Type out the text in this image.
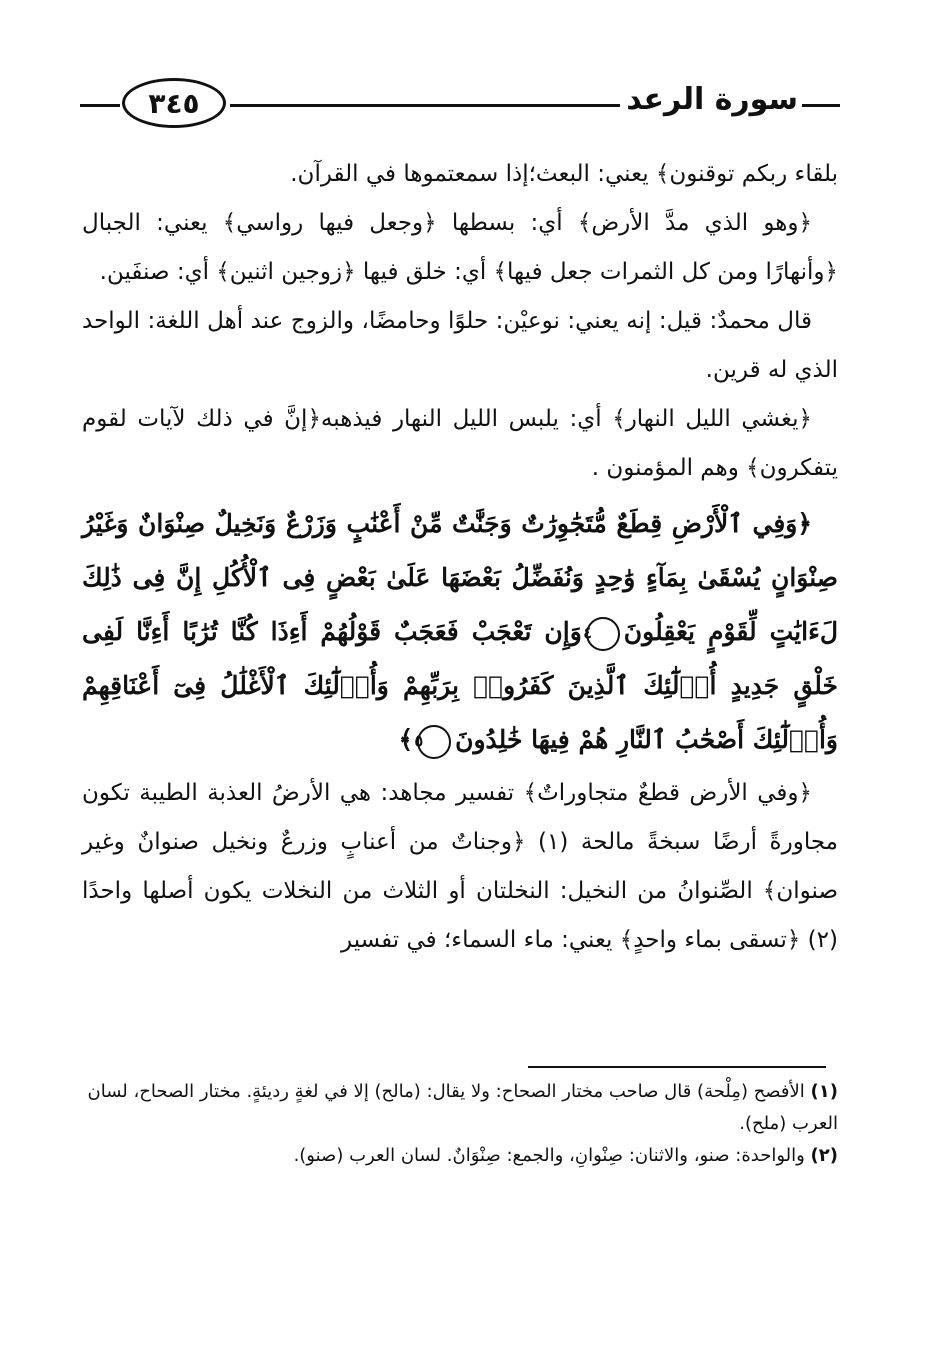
٣٤٥	سورة الرعد

بلقاء ربكم توقنون﴾ يعني: البعث؛إذا سمعتموها في القرآن.

﴿وهو الذي مدَّ الأرض﴾ أي: بسطها ﴿وجعل فيها رواسي﴾ يعني: الجبال ﴿وأنهارًا ومن كل الثمرات جعل فيها﴾ أي: خلق فيها ﴿زوجين اثنين﴾ أي: صنفَين.

قال محمدٌ: قيل: إنه يعني: نوعيْن: حلوًا وحامضًا، والزوج عند أهل اللغة: الواحد الذي له قرين.

﴿يغشي الليل النهار﴾ أي: يلبس الليل النهار فيذهبه﴿إنَّ في ذلك لآيات لقوم يتفكرون﴾ وهم المؤمنون .

﴿وَفِي ٱلْأَرْضِ قِطَعٌ مُّتَجَٰوِرَٰتٌ وَجَنَّٰتٌ مِّنْ أَعْنَٰبٍ وَزَرْعٌ وَنَخِيلٌ صِنْوَانٌ وَغَيْرُ صِنْوَانٍ يُسْقَىٰ بِمَآءٍ وَٰحِدٍ وَنُفَضِّلُ بَعْضَهَا عَلَىٰ بَعْضٍ فِى ٱلْأُكُلِ إِنَّ فِى ذَٰلِكَ لَءَايَٰتٍ لِّقَوْمٍ يَعْقِلُونَ٤وَإِن تَعْجَبْ فَعَجَبٌ قَوْلُهُمْ أَءِذَا كُنَّا تُرَٰبًا أَءِنَّا لَفِى خَلْقٍ جَدِيدٍ أُو۟لَٰٓئِكَ ٱلَّذِينَ كَفَرُوا۟ بِرَبِّهِمْ وَأُو۟لَٰٓئِكَ ٱلْأَغْلَٰلُ فِىٓ أَعْنَاقِهِمْ وَأُو۟لَٰٓئِكَ أَصْحَٰبُ ٱلنَّارِ هُمْ فِيهَا خَٰلِدُونَ٥﴾

﴿وفي الأرض قطعٌ متجاوراتٌ﴾ تفسير مجاهد: هي الأرضُ العذبة الطيبة تكون مجاورةً أرضًا سبخةً مالحة (١) ﴿وجناتٌ من أعنابٍ وزرعٌ ونخيل صنوانٌ وغير صنوان﴾ الصِّنوانُ من النخيل: النخلتان أو الثلاث من النخلات يكون أصلها واحدًا (٢) ﴿تسقى بماء واحدٍ﴾ يعني: ماء السماء؛ في تفسير

(١) الأفصح (مِلْحة) قال صاحب مختار الصحاح: ولا يقال: (مالح) إلا في لغةٍ رديئةٍ. مختار الصحاح، لسان العرب (ملح).

(٢) والواحدة: صنو، والاثنان: صِنْوانِ، والجمع: صِنْوَانٌ. لسان العرب (صنو).
